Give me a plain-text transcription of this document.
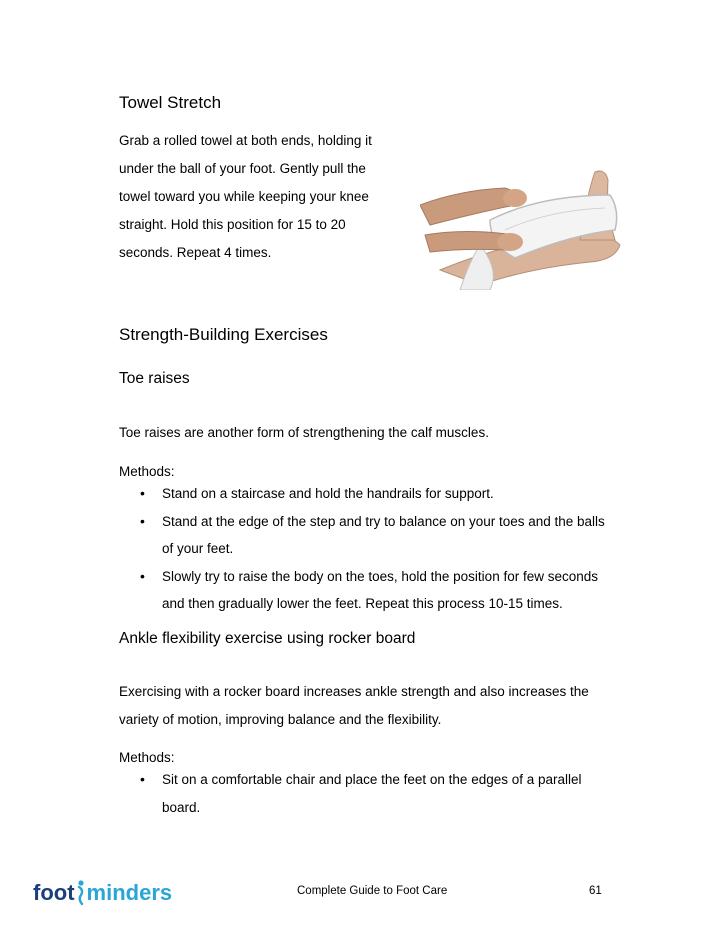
Towel Stretch
Grab a rolled towel at both ends, holding it
under the ball of your foot. Gently pull the
towel toward you while keeping your knee
straight. Hold this position for 15 to 20
seconds. Repeat 4 times.
Strength-Building Exercises
Toe raises

Toe raises are another form of strengthening the calf muscles.

Methods:

• Stand on a staircase and hold the handrails for support.
• Stand at the edge of the step and try to balance on your toes and the balls
of your feet.
• Slowly try to raise the body on the toes, hold the position for few seconds
and then gradually lower the feet. Repeat this process 10-15 times.
Ankle flexibility exercise using rocker board

Exercising with a rocker board increases ankle strength and also increases the

variety of motion, improving balance and the flexibility.

Methods:

• Sit on a comfortable chair and place the feet on the edges of a parallel
board.
foot minders	Complete Guide to Foot Care	61
